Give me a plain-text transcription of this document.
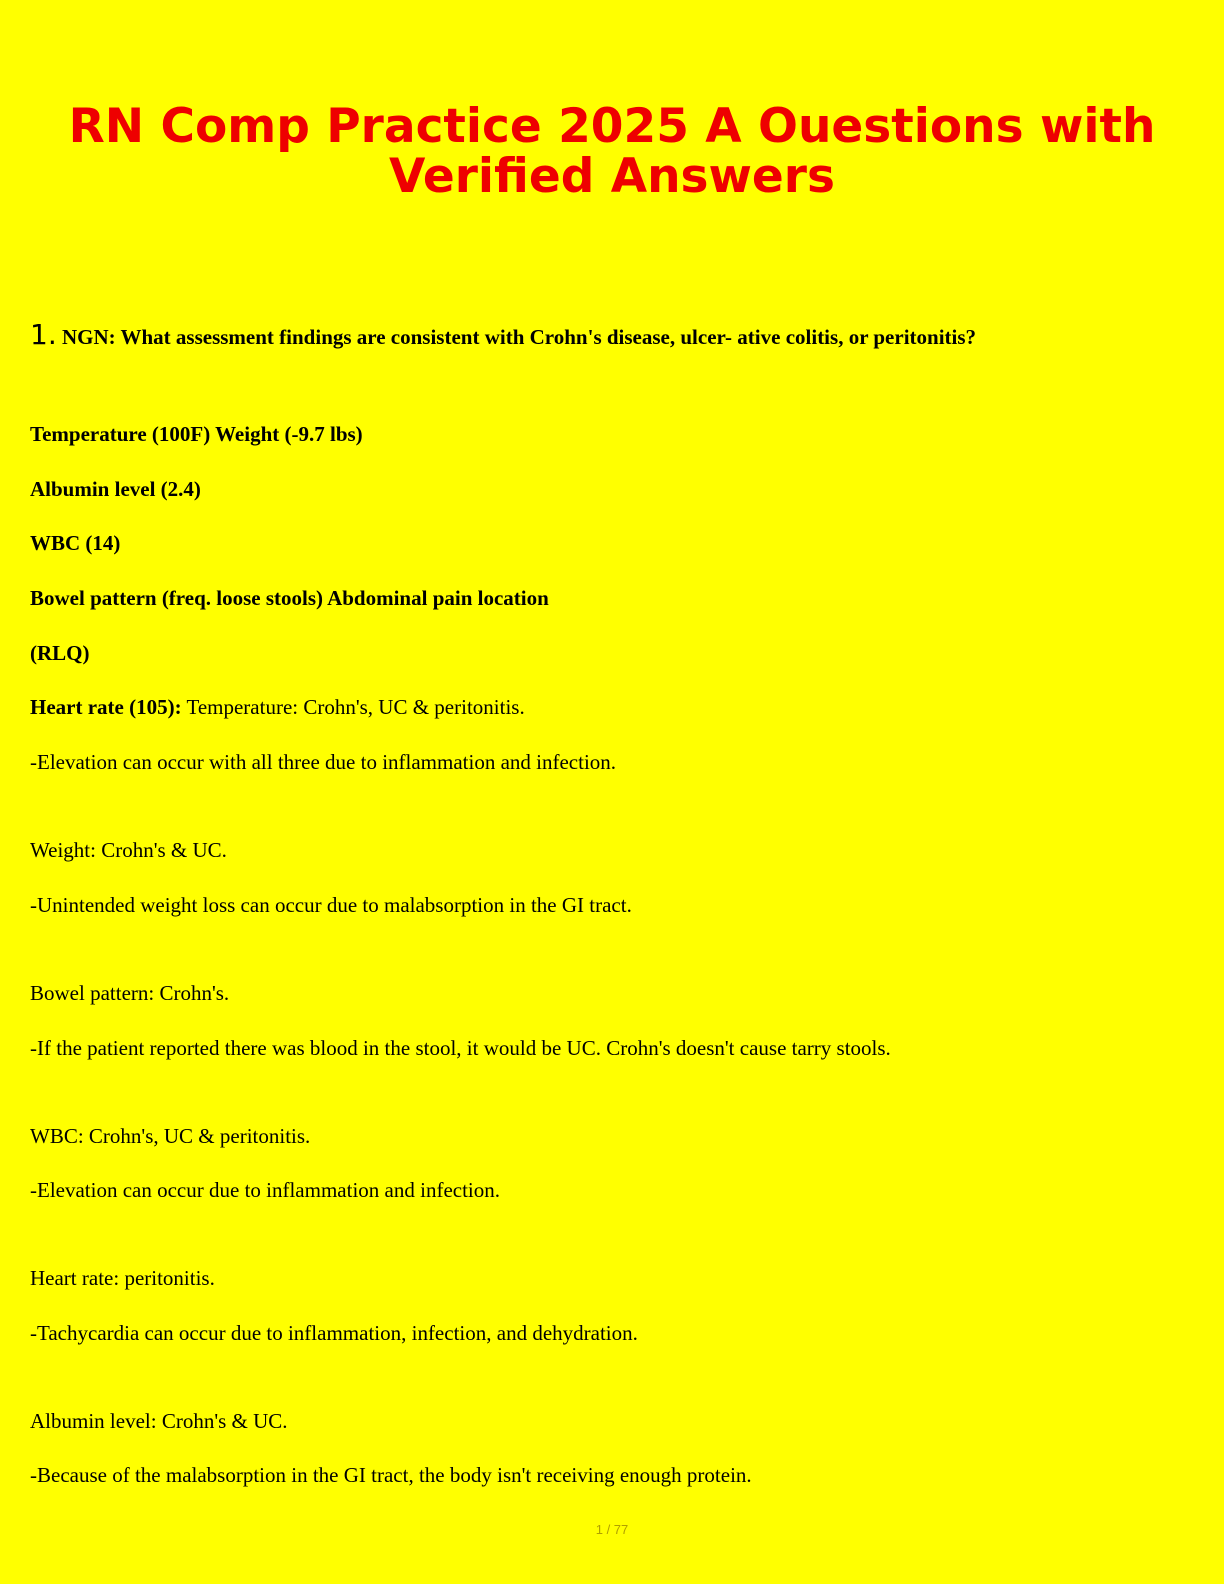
RN Comp Practice 2025 A Ouestions with Verified Answers

1. NGN: What assessment findings are consistent with Crohn's disease, ulcer- ative colitis, or peritonitis?

Temperature (100F) Weight (-9.7 lbs)

Albumin level (2.4)

WBC (14)

Bowel pattern (freq. loose stools) Abdominal pain location

(RLQ)

Heart rate (105): Temperature: Crohn's, UC & peritonitis.

-Elevation can occur with all three due to inflammation and infection.

Weight: Crohn's & UC.

-Unintended weight loss can occur due to malabsorption in the GI tract.

Bowel pattern: Crohn's.

-If the patient reported there was blood in the stool, it would be UC. Crohn's doesn't cause tarry stools.

WBC: Crohn's, UC & peritonitis.

-Elevation can occur due to inflammation and infection.

Heart rate: peritonitis.

-Tachycardia can occur due to inflammation, infection, and dehydration.

Albumin level: Crohn's & UC.

-Because of the malabsorption in the GI tract, the body isn't receiving enough protein.

1 / 77
